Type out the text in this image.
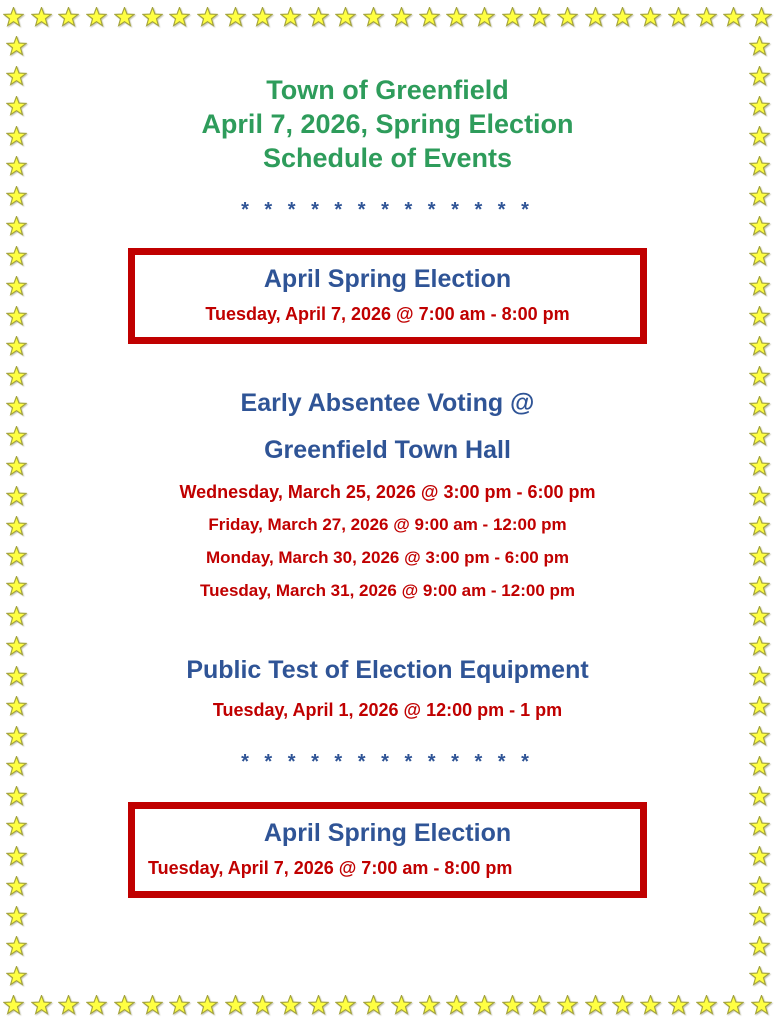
Town of Greenfield
April 7, 2026, Spring Election
Schedule of Events
* * * * * * * * * * * * *
April Spring Election
Tuesday, April 7, 2026 @ 7:00 am - 8:00 pm
Early Absentee Voting @
Greenfield Town Hall
Wednesday, March 25, 2026 @ 3:00 pm - 6:00 pm
Friday, March 27, 2026 @ 9:00 am - 12:00 pm
Monday, March 30, 2026 @ 3:00 pm - 6:00 pm
Tuesday, March 31, 2026 @ 9:00 am - 12:00 pm
Public Test of Election Equipment
Tuesday, April 1, 2026 @ 12:00 pm - 1 pm
* * * * * * * * * * * * *
April Spring Election
Tuesday, April 7, 2026 @ 7:00 am - 8:00 pm
